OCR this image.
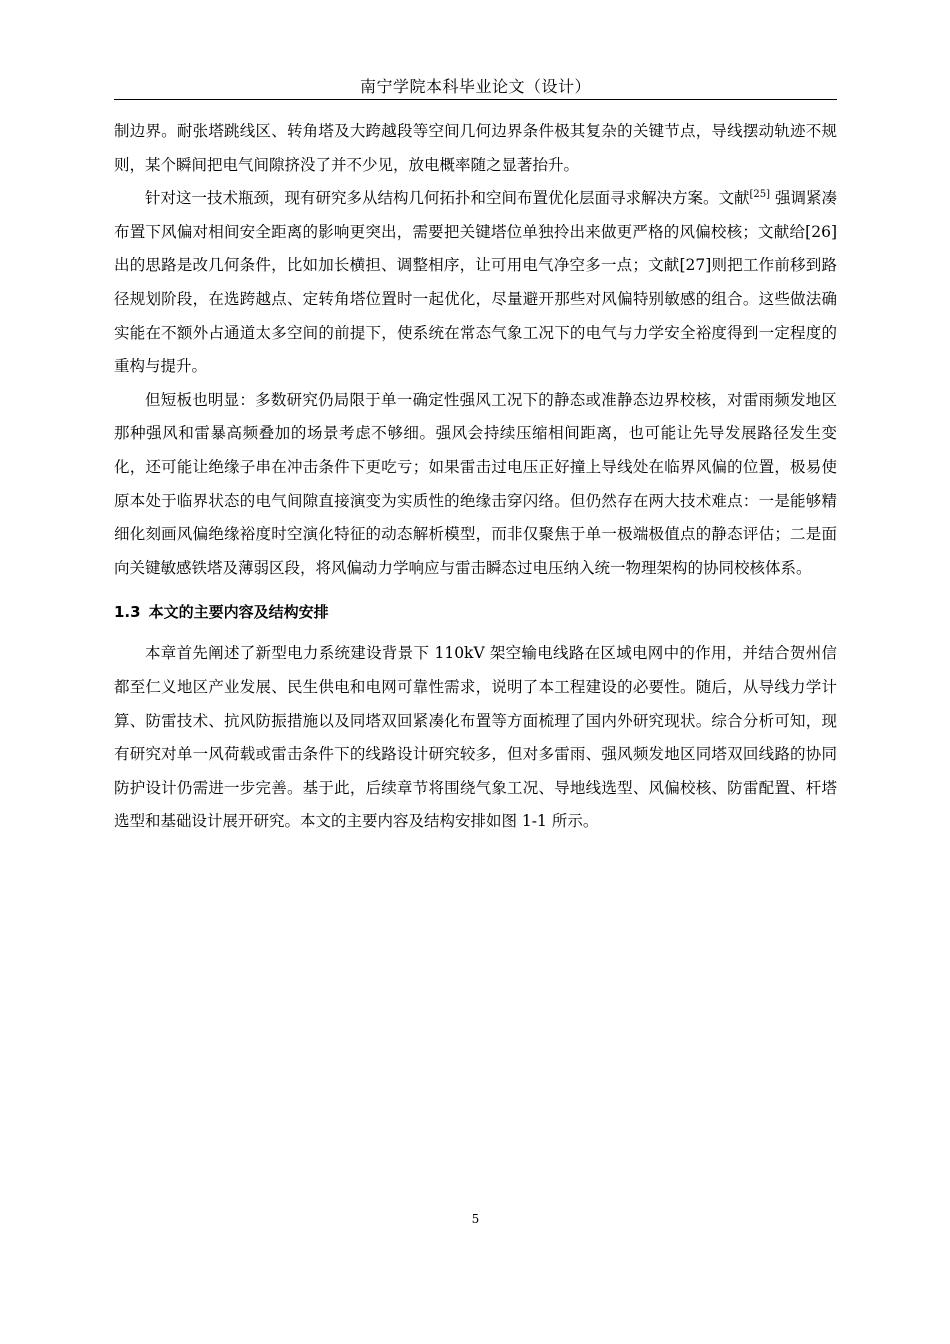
南宁学院本科毕业论文（设计）

制边界。耐张塔跳线区、转角塔及大跨越段等空间几何边界条件极其复杂的关键节点，导线摆动轨迹不规则，某个瞬间把电气间隙挤没了并不少见，放电概率随之显著抬升。

针对这一技术瓶颈，现有研究多从结构几何拓扑和空间布置优化层面寻求解决方案。文献[25] 强调紧凑布置下风偏对相间安全距离的影响更突出，需要把关键塔位单独拎出来做更严格的风偏校核；文献给[26]出的思路是改几何条件，比如加长横担、调整相序，让可用电气净空多一点；文献[27]则把工作前移到路径规划阶段，在选跨越点、定转角塔位置时一起优化，尽量避开那些对风偏特别敏感的组合。这些做法确实能在不额外占通道太多空间的前提下，使系统在常态气象工况下的电气与力学安全裕度得到一定程度的重构与提升。

但短板也明显：多数研究仍局限于单一确定性强风工况下的静态或准静态边界校核，对雷雨频发地区那种强风和雷暴高频叠加的场景考虑不够细。强风会持续压缩相间距离，也可能让先导发展路径发生变化，还可能让绝缘子串在冲击条件下更吃亏；如果雷击过电压正好撞上导线处在临界风偏的位置，极易使原本处于临界状态的电气间隙直接演变为实质性的绝缘击穿闪络。但仍然存在两大技术难点：一是能够精细化刻画风偏绝缘裕度时空演化特征的动态解析模型，而非仅聚焦于单一极端极值点的静态评估；二是面向关键敏感铁塔及薄弱区段，将风偏动力学响应与雷击瞬态过电压纳入统一物理架构的协同校核体系。

1.3 本文的主要内容及结构安排

本章首先阐述了新型电力系统建设背景下 110kV 架空输电线路在区域电网中的作用，并结合贺州信都至仁义地区产业发展、民生供电和电网可靠性需求，说明了本工程建设的必要性。随后，从导线力学计算、防雷技术、抗风防振措施以及同塔双回紧凑化布置等方面梳理了国内外研究现状。综合分析可知，现有研究对单一风荷载或雷击条件下的线路设计研究较多，但对多雷雨、强风频发地区同塔双回线路的协同防护设计仍需进一步完善。基于此，后续章节将围绕气象工况、导地线选型、风偏校核、防雷配置、杆塔选型和基础设计展开研究。本文的主要内容及结构安排如图 1-1 所示。

5
